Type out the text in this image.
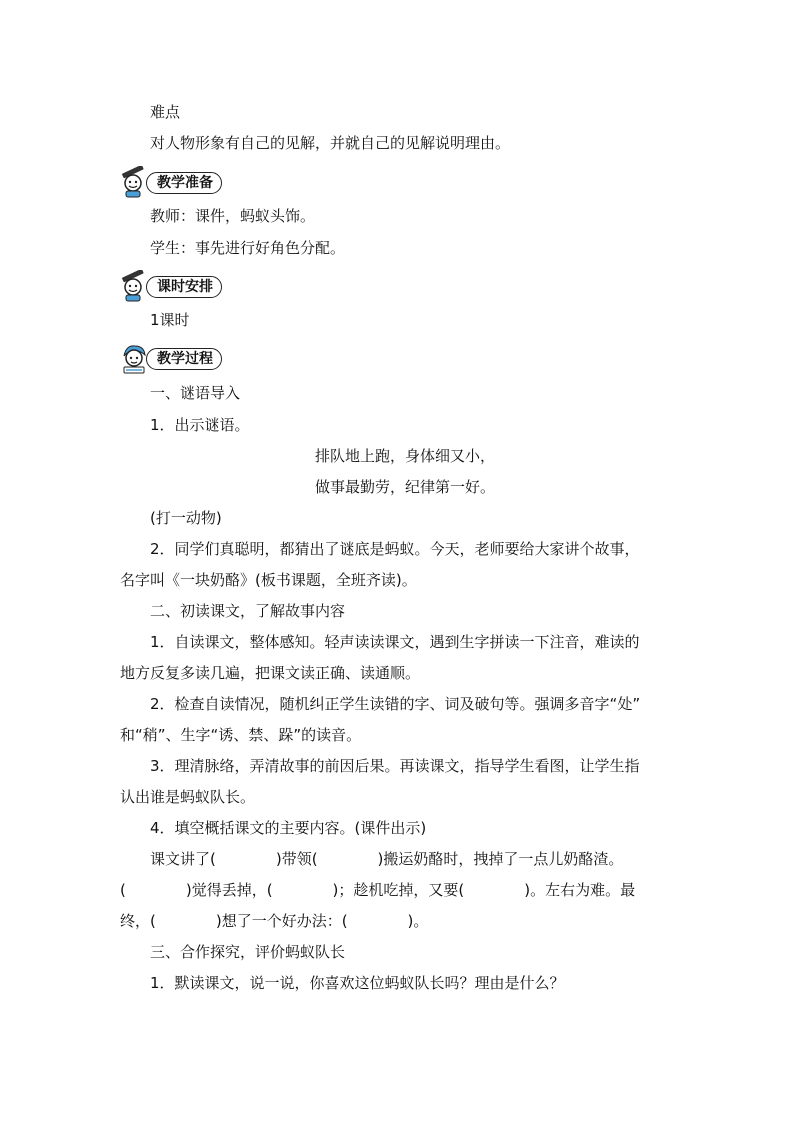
难点
对人物形象有自己的见解，并就自己的见解说明理由。
教学准备
教师：课件，蚂蚁头饰。
学生：事先进行好角色分配。
课时安排
1课时
教学过程
一、谜语导入
1．出示谜语。
排队地上跑，身体细又小，
做事最勤劳，纪律第一好。
(打一动物)
2．同学们真聪明，都猜出了谜底是蚂蚁。今天，老师要给大家讲个故事，
名字叫《一块奶酪》(板书课题，全班齐读)。
二、初读课文，了解故事内容
1．自读课文，整体感知。轻声读读课文，遇到生字拼读一下注音，难读的
地方反复多读几遍，把课文读正确、读通顺。
2．检查自读情况，随机纠正学生读错的字、词及破句等。强调多音字“处”
和“稍”、生字“诱、禁、跺”的读音。
3．理清脉络，弄清故事的前因后果。再读课文，指导学生看图，让学生指
认出谁是蚂蚁队长。
4．填空概括课文的主要内容。(课件出示)
课文讲了(　　　　)带领(　　　　)搬运奶酪时，拽掉了一点儿奶酪渣。
(　　　　)觉得丢掉，(　　　　)；趁机吃掉，又要(　　　　)。左右为难。最
终，(　　　　)想了一个好办法：(　　　　)。
三、合作探究，评价蚂蚁队长
1．默读课文，说一说，你喜欢这位蚂蚁队长吗？理由是什么？
